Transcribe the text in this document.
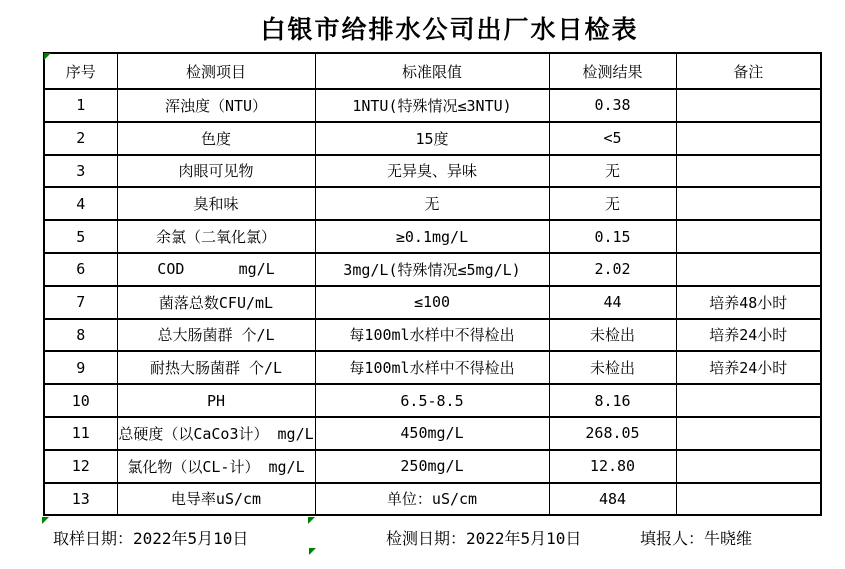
白银市给排水公司出厂水日检表
序号	检测项目	标准限值	检测结果	备注
1	浑浊度（NTU）	1NTU(特殊情况≤3NTU)	0.38	
2	色度	15度	<5	
3	肉眼可见物	无异臭、异味	无	
4	臭和味	无	无	
5	余氯（二氧化氯）	≥0.1mg/L	0.15	
6	COD      mg/L	3mg/L(特殊情况≤5mg/L)	2.02	
7	菌落总数CFU/mL	≤100	44	培养48小时
8	总大肠菌群 个/L	每100ml水样中不得检出	未检出	培养24小时
9	耐热大肠菌群 个/L	每100ml水样中不得检出	未检出	培养24小时
10	PH	6.5-8.5	8.16	
11	总硬度（以CaCo3计） mg/L	450mg/L	268.05	
12	氯化物（以CL-计） mg/L	250mg/L	12.80	
13	电导率uS/cm	单位：uS/cm	484	
取样日期：2022年5月10日	检测日期：2022年5月10日	填报人：牛晓维
